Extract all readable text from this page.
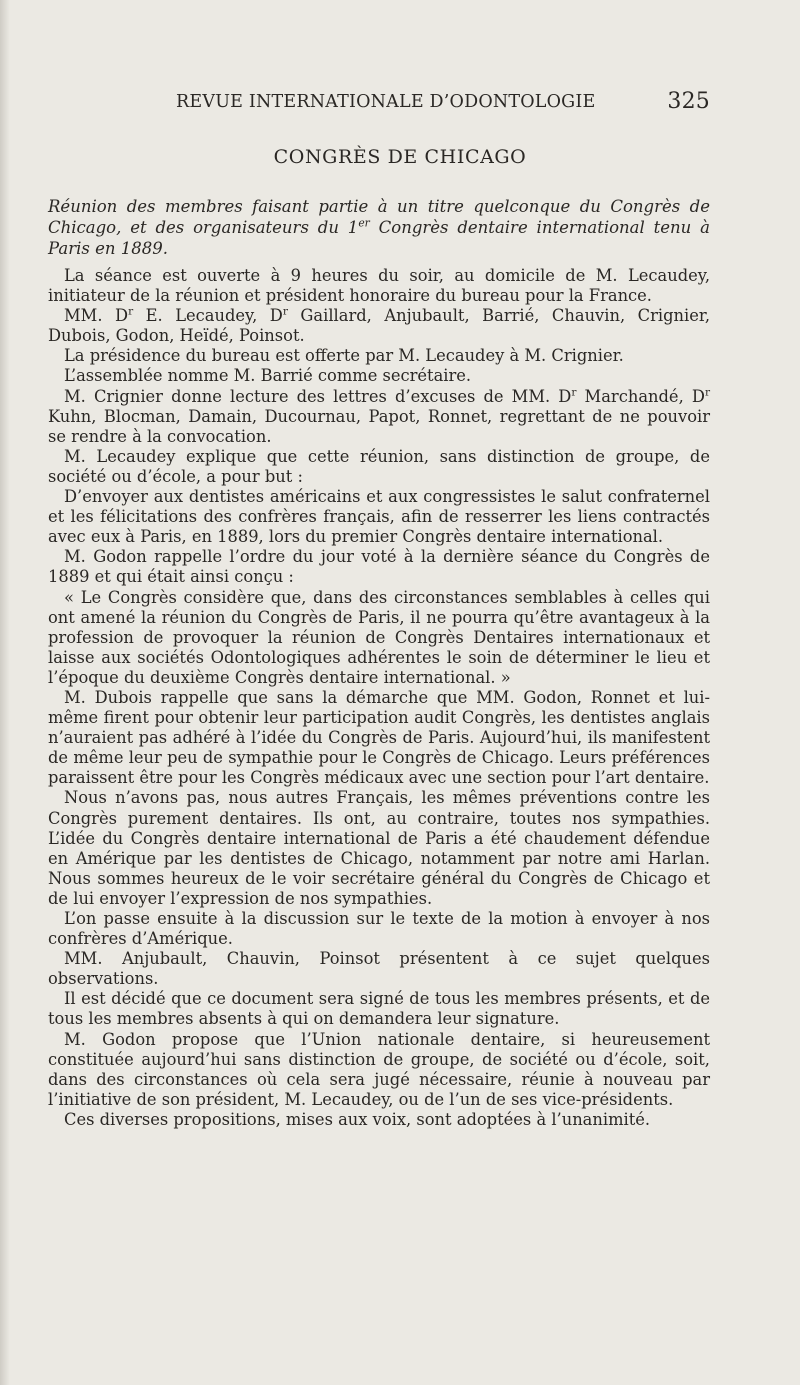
REVUE INTERNATIONALE D’ODONTOLOGIE	325
CONGRÈS DE CHICAGO

Réunion des membres faisant partie à un titre quelconque du Congrès de Chicago, et des organisateurs du 1er Congrès dentaire international tenu à Paris en 1889.

La séance est ouverte à 9 heures du soir, au domicile de M. Lecaudey, initiateur de la réunion et président honoraire du bureau pour la France.

MM. $D^r$ E. Lecaudey, $D^r$ Gaillard, Anjubault, Barrié, Chauvin, Crignier, Dubois, Godon, Heïdé, Poinsot.

La présidence du bureau est offerte par M. Lecaudey à M. Crignier.

L’assemblée nomme M. Barrié comme secrétaire.

M. Crignier donne lecture des lettres d’excuses de MM. $D^r$ Marchandé, $D^r$ Kuhn, Blocman, Damain, Ducournau, Papot, Ronnet, regrettant de ne pouvoir se rendre à la convocation.

M. Lecaudey explique que cette réunion, sans distinction de groupe, de société ou d’école, a pour but :

D’envoyer aux dentistes américains et aux congressistes le salut confraternel et les félicitations des confrères français, afin de resserrer les liens contractés avec eux à Paris, en 1889, lors du premier Congrès dentaire international.

M. Godon rappelle l’ordre du jour voté à la dernière séance du Congrès de 1889 et qui était ainsi conçu :

« Le Congrès considère que, dans des circonstances semblables à celles qui ont amené la réunion du Congrès de Paris, il ne pourra qu’être avantageux à la profession de provoquer la réunion de Congrès Dentaires internationaux et laisse aux sociétés Odontologiques adhérentes le soin de déterminer le lieu et l’époque du deuxième Congrès dentaire international. »

M. Dubois rappelle que sans la démarche que MM. Godon, Ronnet et lui-même firent pour obtenir leur participation audit Congrès, les dentistes anglais n’auraient pas adhéré à l’idée du Congrès de Paris. Aujourd’hui, ils manifestent de même leur peu de sympathie pour le Congrès de Chicago. Leurs préférences paraissent être pour les Congrès médicaux avec une section pour l’art dentaire.

Nous n’avons pas, nous autres Français, les mêmes préventions contre les Congrès purement dentaires. Ils ont, au contraire, toutes nos sympathies. L’idée du Congrès dentaire international de Paris a été chaudement défendue en Amérique par les dentistes de Chicago, notamment par notre ami Harlan. Nous sommes heureux de le voir secrétaire général du Congrès de Chicago et de lui envoyer l’expression de nos sympathies.

L’on passe ensuite à la discussion sur le texte de la motion à envoyer à nos confrères d’Amérique.

MM. Anjubault, Chauvin, Poinsot présentent à ce sujet quelques observations.

Il est décidé que ce document sera signé de tous les membres présents, et de tous les membres absents à qui on demandera leur signature.

M. Godon propose que l’Union nationale dentaire, si heureusement constituée aujourd’hui sans distinction de groupe, de société ou d’école, soit, dans des circonstances où cela sera jugé nécessaire, réunie à nouveau par l’initiative de son président, M. Lecaudey, ou de l’un de ses vice-présidents.

Ces diverses propositions, mises aux voix, sont adoptées à l’unanimité.
